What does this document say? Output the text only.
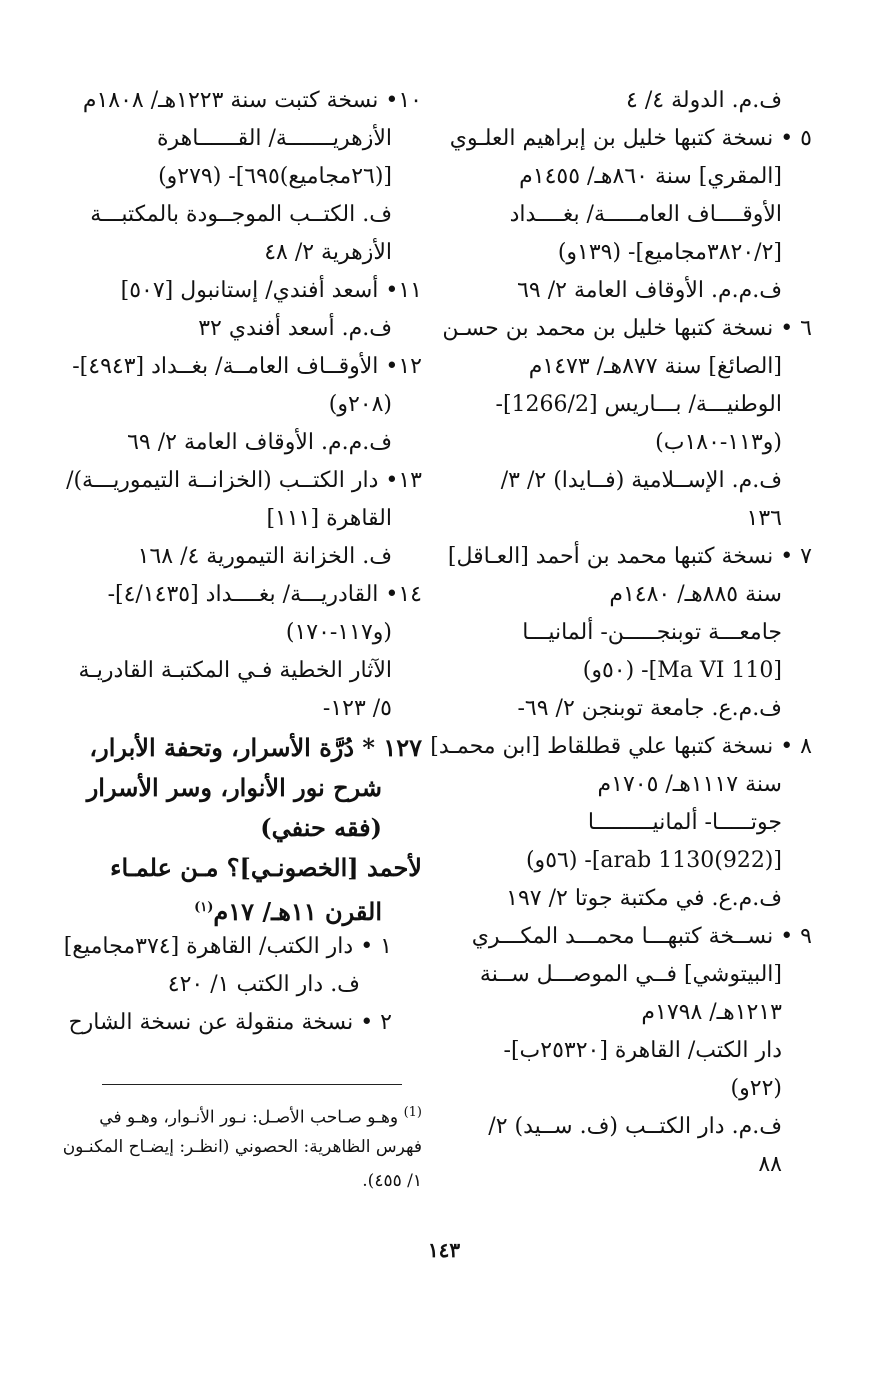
ف.م. الدولة ٤/ ٤
٥ • نسخة كتبها خليل بن إبراهيم العلـوي
[المقري] سنة ٨٦٠هـ/ ١٤٥٥م
الأوقــــاف العامـــــة/ بغــــداد
[٣٨٢٠/٢مجاميع]- (١٣٩و)
ف.م.م. الأوقاف العامة ٢/ ٦٩
٦ • نسخة كتبها خليل بن محمد بن حسـن
[الصائغ] سنة ٨٧٧هـ/ ١٤٧٣م
الوطنيـــة/ بـــاريس [1266/2]-
(و١١٣-١٨٠ب)
ف.م. الإســلامية (فــايدا) ٢/ ٣/
١٣٦
٧ • نسخة كتبها محمد بن أحمد [العـاقل]
سنة ٨٨٥هـ/ ١٤٨٠م
جامعـــة توبنجـــــن- ألمانيـــا
[Ma VI 110]- (٥٠و)
ف.م.ع. جامعة توبنجن ٢/ ٦٩-
٨ • نسخة كتبها علي قطلقاط [ابن محمـد]
سنة ١١١٧هـ/ ١٧٠٥م
جوتـــــا- ألمانيـــــــــا
[arab 1130(922)]- (٥٦و)
ف.م.ع. في مكتبة جوتا ٢/ ١٩٧
٩ • نســخة كتبهـــا محمـــد المكـــري
[البيتوشي] فــي الموصـــل ســنة
١٢١٣هـ/ ١٧٩٨م
دار الكتب/ القاهرة [٢٥٣٢٠ب]-
(٢٢و)
ف.م. دار الكتــب (ف. ســيد) ٢/
٨٨
١٠• نسخة كتبت سنة ١٢٢٣هـ/ ١٨٠٨م
الأزهريـــــــة/ القــــــاهرة
[(٢٦مجاميع)٦٩٥]- (٢٧٩و)
ف. الكتــب الموجــودة بالمكتبـــة
الأزهرية ٢/ ٤٨
١١• أسعد أفندي/ إستانبول [٥٠٧]
ف.م. أسعد أفندي ٣٢
١٢• الأوقــاف العامــة/ بغــداد [٤٩٤٣]-
(٢٠٨و)
ف.م.م. الأوقاف العامة ٢/ ٦٩
١٣• دار الكتــب (الخزانــة التيموريـــة)/
القاهرة [١١١]
ف. الخزانة التيمورية ٤/ ١٦٨
١٤• القادريـــة/ بغــــداد [٤/١٤٣٥]-
(و١١٧-١٧٠)
الآثار الخطية فـي المكتبـة القادريـة
٥/ ١٢٣-
١٢٧ * دُرَّة الأسرار، وتحفة الأبرار،
شرح نور الأنوار، وسر الأسرار
(فقه حنفي)
لأحمد [الخصونـي]؟ مـن علمـاء
القرن ١١هـ/ ١٧م$^{(١)}$
١ • دار الكتب/ القاهرة [٣٧٤مجاميع]
ف. دار الكتب ١/ ٤٢٠
٢ • نسخة منقولة عن نسخة الشارح
$^{(1)}$ وهـو صـاحب الأصـل: نـور الأنـوار، وهـو في
فهرس الظاهرية: الحصوني (انظـر: إيضـاح المكنـون
١/ ٤٥٥).
١٤٣
